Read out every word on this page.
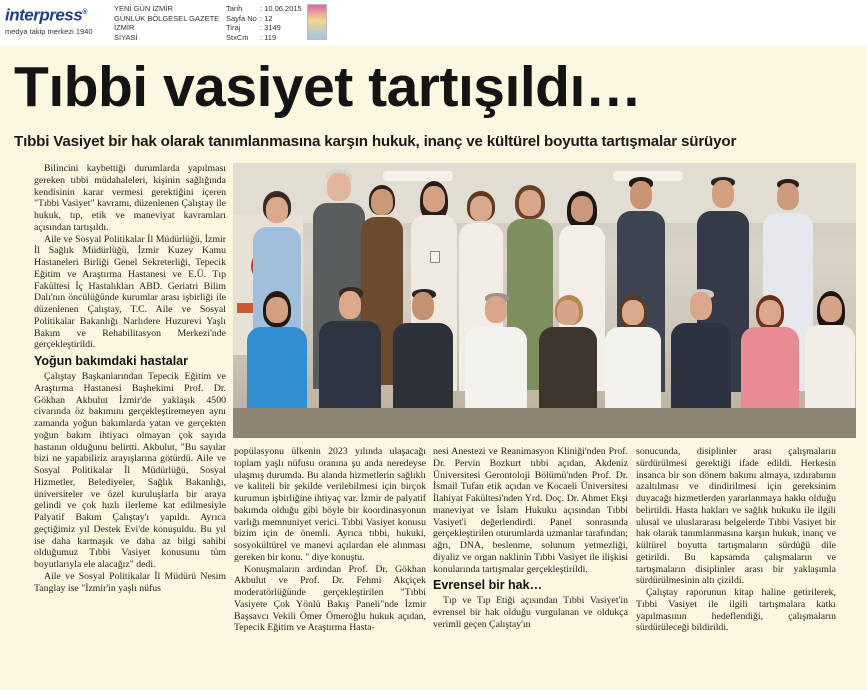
interpress®
medya takip merkezi 1940
YENİ GÜN İZMİR
GÜNLÜK BÖLGESEL GAZETE
İZMİR
SİYASİ
Tarih	: 10.06.2015
Sayfa No : 12
Tiraj	: 3149
StxCm	: 119
Tıbbi vasiyet tartışıldı…
Tıbbi Vasiyet bir hak olarak tanımlanmasına karşın hukuk, inanç ve kültürel boyutta tartışmalar sürüyor

Bilincini kaybettiği durumlarda yapılması gereken tıbbi müdahaleleri, kişinin sağlığında kendisinin karar vermesi gerektiğini içeren "Tıbbi Vasiyet" kavramı, düzenlenen Çalıştay ile hukuk, tıp, etik ve maneviyat kavramları açısından tartışıldı.

Aile ve Sosyal Politikalar İl Müdürlüğü, İzmir İl Sağlık Müdürlüğü, İzmir Kuzey Kamu Hastaneleri Birliği Genel Sekreterliği, Tepecik Eğitim ve Araştırma Hastanesi ve E.Ü. Tıp Fakültesi İç Hastalıkları ABD. Geriatri Bilim Dalı'nın öncülüğünde kurumlar arası işbirliği ile düzenlenen Çalıştay, T.C. Aile ve Sosyal Politikalar Bakanlığı Narlıdere Huzurevi Yaşlı Bakım ve Rehabilitasyon Merkezi'nde gerçekleştirildi.

Yoğun bakımdaki hastalar

Çalıştay Başkanlarından Tepecik Eğitim ve Araştırma Hastanesi Başhekimi Prof. Dr. Gökhan Akbulut İzmir'de yaklaşık 4500 civarında öz bakımını gerçekleştiremeyen aynı zamanda yoğun bakımlarda yatan ve gerçekten yoğun bakım ihtiyacı olmayan çok sayıda hastanın olduğunu belirtti. Akbulut, "Bu sayılar bizi ne yapabiliriz arayışlarına götürdü. Aile ve Sosyal Politikalar İl Müdürlüğü, Sosyal Hizmetler, Belediyeler, Sağlık Bakanlığı, üniversiteler ve özel kuruluşlarla bir araya gelindi ve çok hızlı ilerleme kat edilmesiyle Palyatif Bakım Çalıştay'ı yapıldı. Ayrıca geçtiğimiz yıl Destek Evi'de konuşuldu. Bu yıl ise daha karmaşık ve daha az bilgi sahibi olduğumuz Tıbbi Vasiyet konusunu tüm boyutlarıyla ele alacağız" dedi.

Aile ve Sosyal Politikalar İl Müdürü Nesim Tanglay ise "İzmir'in yaşlı nüfus

popülasyonu ülkenin 2023 yılında ulaşacağı toplam yaşlı nüfusu oranına şu anda neredeyse ulaşmış durumda. Bu alanda hizmetlerin sağlıklı ve kaliteli bir şekilde verilebilmesi için birçok kurumun işbirliğine ihtiyaç var. İzmir de palyatif bakımda olduğu gibi böyle bir koordinasyonun varlığı memnuniyet verici. Tıbbi Vasiyet konusu bizim için de önemli. Ayrıca tıbbi, hukuki, sosyokültürel ve manevi açılardan ele alınması gereken bir konu. " diye konuştu.

Konuşmaların ardından Prof. Dr. Gökhan Akbulut ve Prof. Dr. Fehmi Akçiçek moderatörlüğünde gerçekleştirilen "Tıbbi Vasiyete Çok Yönlü Bakış Paneli"nde İzmir Başsavcı Vekili Ömer Ömeroğlu hukuk açıdan, Tepecik Eğitim ve Araştırma Hasta-

nesi Anestezi ve Reanimasyon Kliniği'nden Prof. Dr. Pervin Bozkurt tıbbi açıdan, Akdeniz Üniversitesi Gerontoloji Bölümü'nden Prof. Dr. İsmail Tufan etik açıdan ve Kocaeli Üniversitesi İlahiyat Fakültesi'nden Yrd. Doç. Dr. Ahmet Ekşi maneviyat ve İslam Hukuku açısından Tıbbi Vasiyet'i değerlendirdi. Panel sonrasında gerçekleştirilen oturumlarda uzmanlar tarafından; ağrı, DNA, beslenme, solunum yetmezliği, diyaliz ve organ naklinin Tıbbi Vasiyet ile ilişkisi konularında tartışmalar gerçekleştirildi.

Evrensel bir hak…

Tıp ve Tıp Etiği açısından Tıbbi Vasiyet'in evrensel bir hak olduğu vurgulanan ve oldukça verimli geçen Çalıştay'ın

sonucunda, disiplinler arası çalışmaların sürdürülmesi gerektiği ifade edildi. Herkesin insanca bir son dönem bakımı almaya, ızdırabının azaltılması ve dindirilmesi için gereksinim duyacağı hizmetlerden yararlanmaya hakkı olduğu belirtildi. Hasta hakları ve sağlık hukuku ile ilgili ulusal ve uluslararası belgelerde Tıbbi Vasiyet bir hak olarak tanımlanmasına karşın hukuk, inanç ve kültürel boyutta tartışmaların sürdüğü dile getirildi. Bu kapsamda çalışmaların ve tartışmaların disiplinler arası bir yaklaşımla sürdürülmesinin altı çizildi.

Çalıştay raporunun kitap haline getirilerek, Tıbbi Vasiyet ile ilgili tartışmalara katkı yapılmasının hedeflendiği, çalışmaların sürdürüleceği bildirildi.
